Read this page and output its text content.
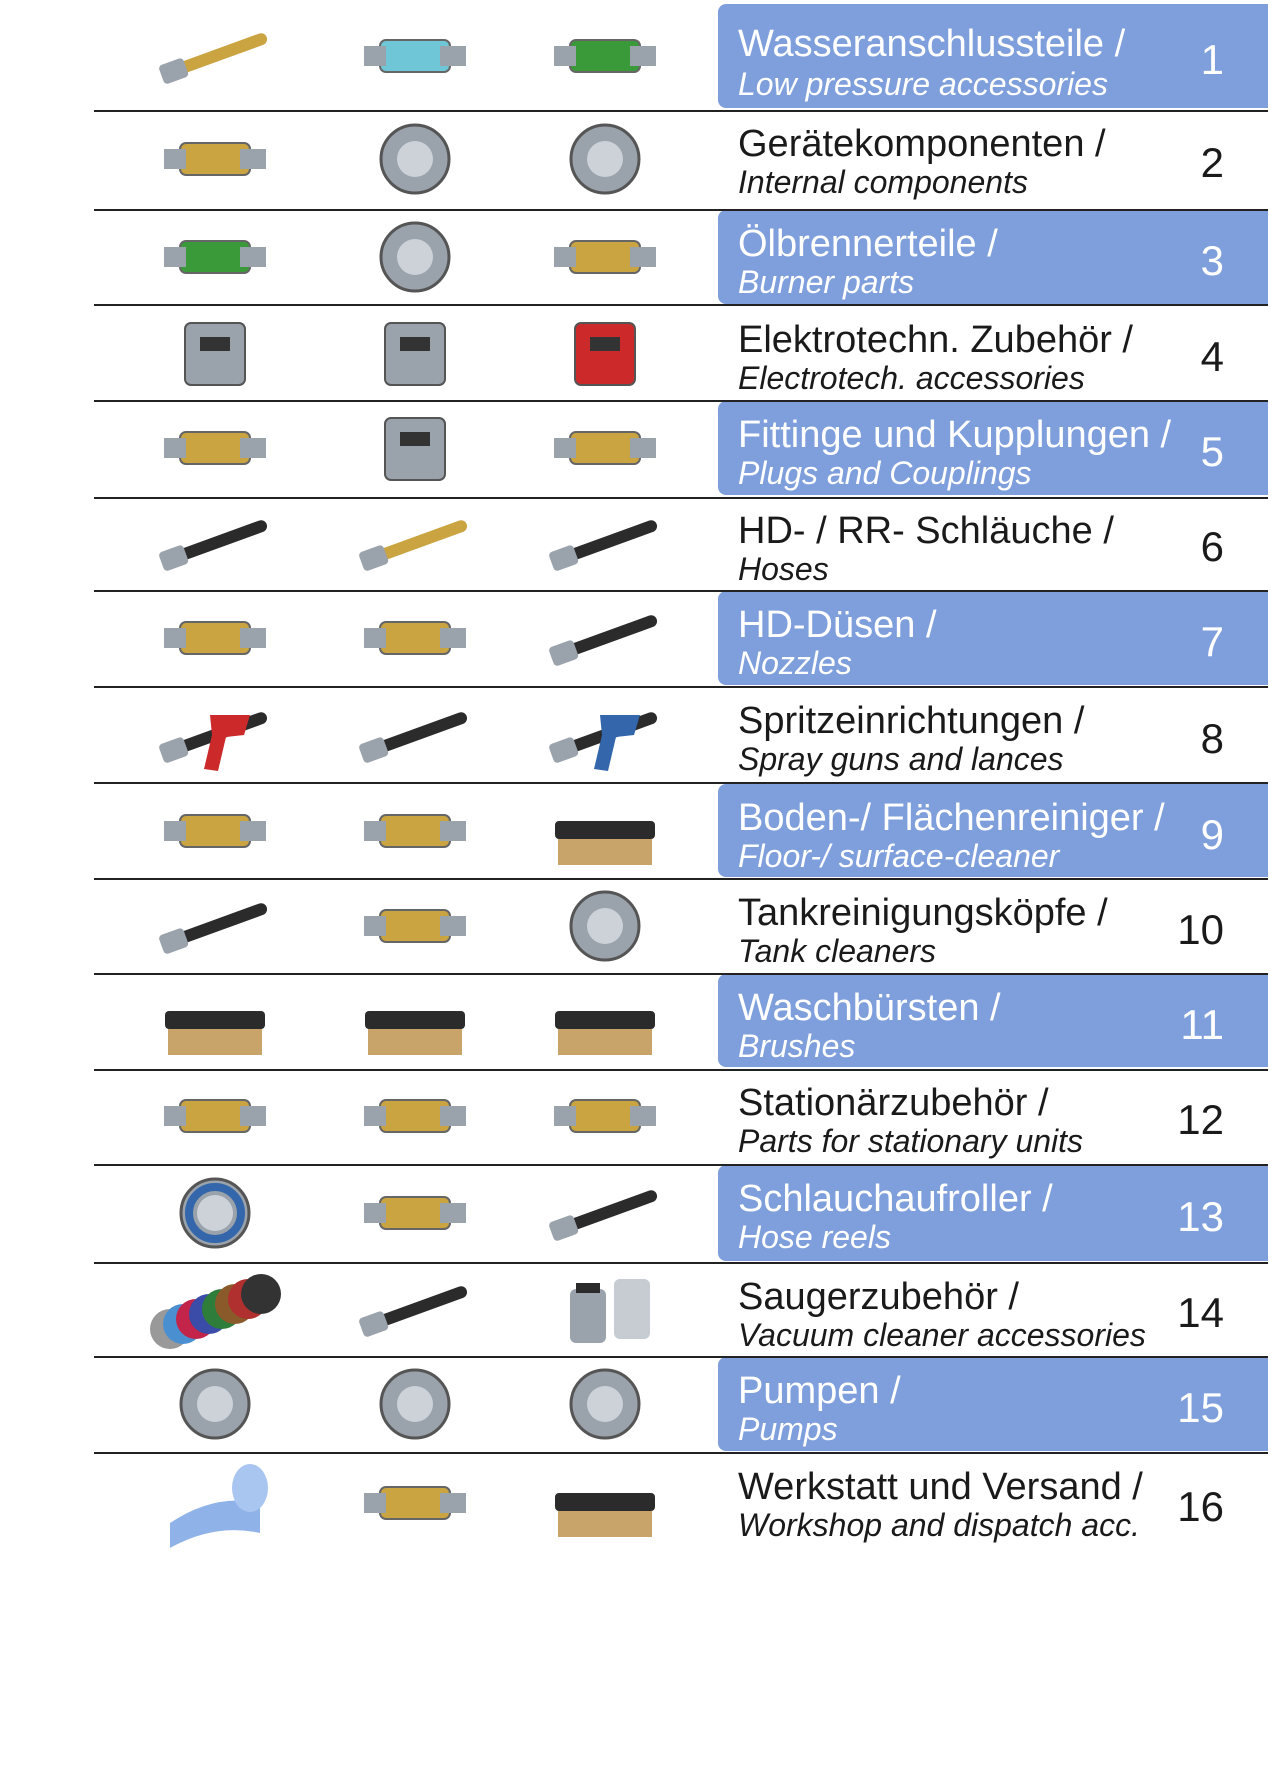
Wasseranschlussteile /
Low pressure accessories
1
Gerätekomponenten /
Internal components	2
Ölbrennerteile /
Burner parts	3
Elektrotechn. Zubehör /
Electrotech. accessories	4
Fittinge und Kupplungen /
Plugs and Couplings	5
HD- / RR- Schläuche /
Hoses	6
HD-Düsen /
Nozzles	7
Spritzeinrichtungen /
Spray guns and lances	8
Boden-/ Flächenreiniger /
Floor-/ surface-cleaner	9
Tankreinigungsköpfe /
Tank cleaners	10
Waschbürsten /
Brushes	11
Stationärzubehör /
Parts for stationary units 12
Schlauchaufroller /
Hose reels	13
Saugerzubehör /
Vacuum cleaner accessories 14
Pumpen /
Pumps	15
Werkstatt und Versand /
Workshop and dispatch acc. 16
